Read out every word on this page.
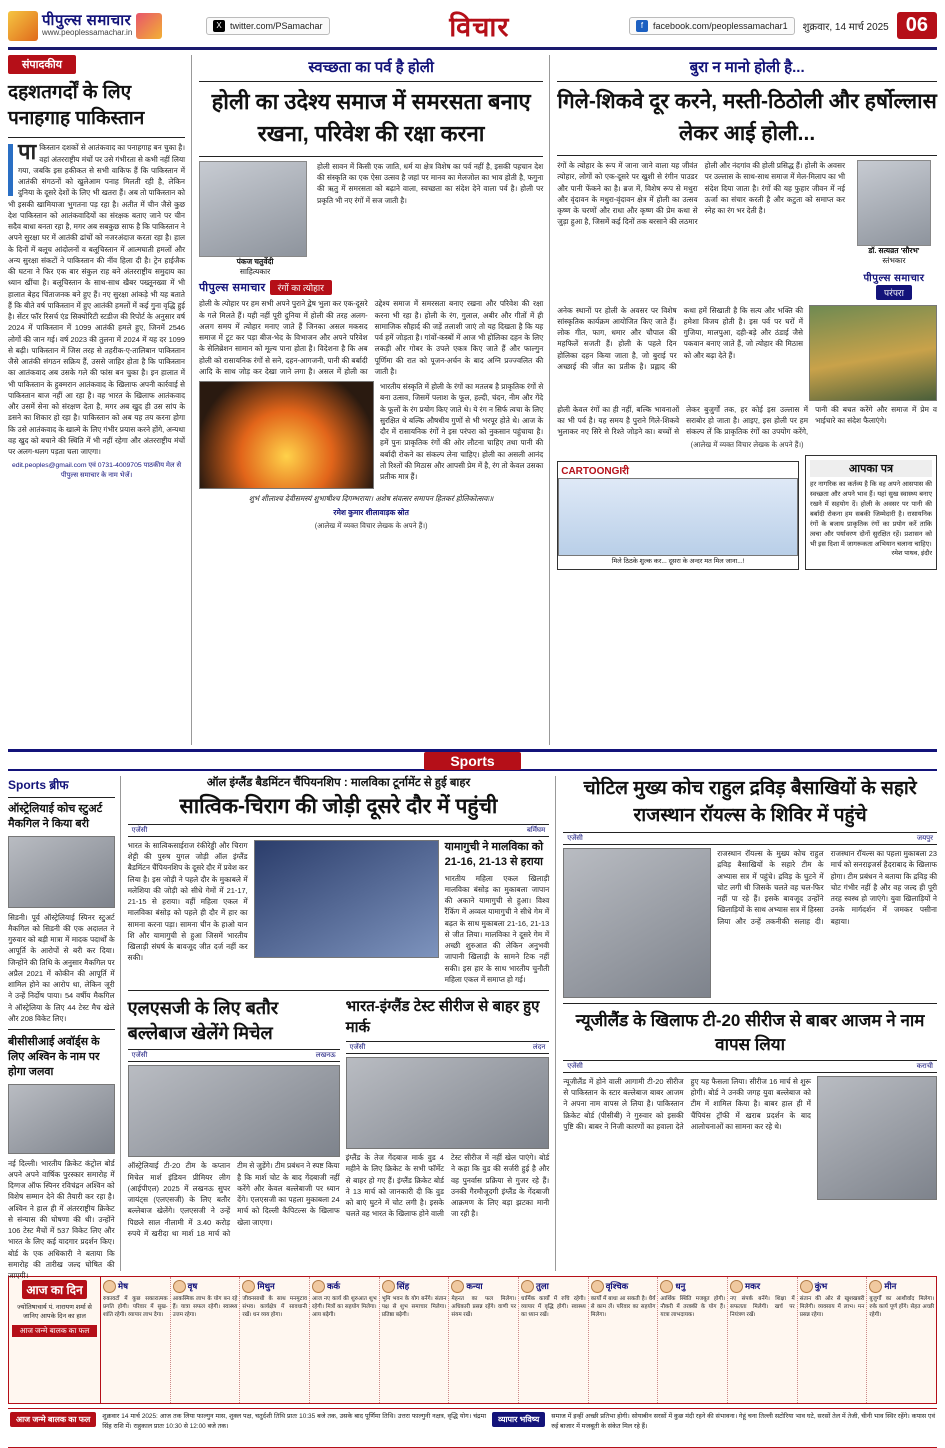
पीपुल्स समाचार
www.peoplessamachar.in
X twitter.com/PSamachar	विचार	f	facebook.com/peoplessamachar1 शुक्रवार, 14 मार्च 2025 06
संपादकीय
दहशतगर्दों के लिए पनाहगाह पाकिस्तान
पाकिस्तान दशकों से आतंकवाद का पनाहगाह बन चुका है। वहां अंतरराष्ट्रीय मंचों पर उसे गंभीरता से कभी नहीं लिया गया, जबकि इस हकीकत से सभी वाकिफ हैं कि पाकिस्तान में आतंकी संगठनों को खुलेआम पनाह मिलती रही है, लेकिन दुनिया के दूसरे देशों के लिए भी खतरा हैं। अब तो पाकिस्तान को भी इसकी खामियाजा भुगतना पड़ रहा है। अतीत में चीन जैसे कुछ देश पाकिस्तान को आतंकवादियों का संरक्षक बताए जाने पर चीन सदैव बाधा बनता रहा है, मगर अब सबकुछ साफ है कि पाकिस्तान ने अपने सुरक्षा घर में आतंकी ढांचों को नजरअंदाज करता रहा है। हाल के दिनों में बलूच आंदोलनों व बलूचिस्तान में आत्मघाती हमलों और अन्य सुरक्षा संकटों ने पाकिस्तान की नींव हिला दी है। ट्रेन हाईजैक की घटना ने फिर एक बार संकुल राह बने अंतरराष्ट्रीय समुदाय का ध्यान खींचा है। बलूचिस्तान के साथ-साथ खैबर पख्तूनख्वा में भी हालात बेहद चिंताजनक बने हुए हैं। नए सुरक्षा आंकड़े भी यह बताते हैं कि बीते वर्ष पाकिस्तान में हुए आतंकी हमलों में कई गुना वृद्धि हुई है। सेंटर फॉर रिसर्च एंड सिक्योरिटी स्टडीज की रिपोर्ट के अनुसार वर्ष 2024 में पाकिस्तान में 1099 आतंकी हमले हुए, जिनमें 2546 लोगों की जान गई। वर्ष 2023 की तुलना में 2024 में यह दर 1099 से बढ़ी। पाकिस्तान में जिस तरह से तहरीक-ए-तालिबान पाकिस्तान जैसे आतंकी संगठन सक्रिय हैं, उससे जाहिर होता है कि पाकिस्तान का आतंकवाद अब उसके गले की फांस बन चुका है। इन हालात में भी पाकिस्तान के हुक्मरान आतंकवाद के खिलाफ अपनी कार्रवाई से पाकिस्तान बाज नहीं आ रहा है। वह भारत के खिलाफ आतंकवाद और उसमें सेना को संरक्षण देता है, मगर अब खुद ही उस सांप के डसने का शिकार हो रहा है। पाकिस्तान को अब यह तय करना होगा कि उसे आतंकवाद के खात्मे के लिए गंभीर प्रयास करने होंगे, अन्यथा वह खुद को बचाने की स्थिति में भी नहीं रहेगा और अंतरराष्ट्रीय मंचों पर अलग-थलग पड़ता चला जाएगा।
edit.peoples@gmail.com एवं 0731-4009705 पाठकीय मेल से पीपुल्स समाचार के नाम भेजें।
स्वच्छता का पर्व है होली
होली का उदेश्य समाज में समरसता बनाए रखना, परिवेश की रक्षा करना
पंकज चतुर्वेदी
साहित्यकार
होली सावन में किसी एक जाति, धर्म या क्षेत्र विशेष का पर्व नहीं है, इसकी पहचान देश की संस्कृति का एक ऐसा उत्सव है जहां पर मानव का मेलजोल का भाव होती है, फगुना की ऋतु में समरसता को बढ़ाने वाला, स्वच्छता का संदेश देने वाला पर्व है। होली पर प्रकृति भी नए रंगों में सज जाती है।
पीपुल्स समाचार	रंगों का त्योहार
होली के त्योहार पर हम सभी अपने पुराने द्वेष भुला कर एक-दूसरे के गले मिलते हैं। यही नहीं पूरी दुनिया में होली की तरह अलग-अलग समय में त्योहार मनाए जाते हैं जिनका असल मकसद समाज में टूट कर पड़ा बीज-भेद के विभाजन और अपने परिवेश के सेलिब्रेशन सामान को मूल्य पाना होता है। विदेशना है कि अब होली को रासायनिक रंगों से सने, दहन-आगजनी, पानी की बर्बादी आदि के साथ जोड़ कर देखा जाने लगा है। असल में होली का उद्देश्य समाज में समरसता बनाए रखना और परिवेश की रक्षा करना भी रहा है। होली के रंग, गुलाल, अबीर और गीतों में ही सामाजिक सौहार्द की जड़ें तलाशी जाएं तो यह दिखता है कि यह पर्व हमें जोड़ता है। गांवों-कस्बों में आज भी होलिका दहन के लिए लकड़ी और गोबर के उपले एकत्र किए जाते हैं और फाल्गुन पूर्णिमा की रात को पूजन-अर्चन के बाद अग्नि प्रज्ज्वलित की जाती है।
भारतीय संस्कृति में होली के रंगों का मतलब है प्राकृतिक रंगों से बना उत्सव, जिसमें पलाश के फूल, हल्दी, चंदन, नीम और गेंदे के फूलों के रंग प्रयोग किए जाते थे। ये रंग न सिर्फ त्वचा के लिए सुरक्षित थे बल्कि औषधीय गुणों से भी भरपूर होते थे। आज के दौर में रासायनिक रंगों ने इस परंपरा को नुकसान पहुंचाया है। हमें पुनः प्राकृतिक रंगों की ओर लौटना चाहिए तथा पानी की बर्बादी रोकने का संकल्प लेना चाहिए। होली का असली आनंद तो रिश्तों की मिठास और आपसी प्रेम में है, रंग तो केवल उसका प्रतीक मात्र हैं।
शुभं शीलाश्च देवीसमस्यं शुभाषीश्च दिगम्भराया। अशेष संवत्सर समापन हितकरं होलिकोत्सवः॥
रमेश कुमार शीलावाड़क स्रोत
(आलेख में व्यक्त विचार लेखक के अपने हैं।)
बुरा न मानो होली है...
गिले-शिकवे दूर करने, मस्ती-ठिठोली और हर्षोल्लास लेकर आई होली...
रंगों के त्योहार के रूप में जाना जाने वाला यह जीवंत त्योहार, लोगों को एक-दूसरे पर खुशी से रंगीन पाउडर और पानी फेंकने का है। ब्रज में, विशेष रूप से मथुरा और वृंदावन के मधुरा-वृंदावन क्षेत्र में होली का उत्सव कृष्ण के चरणों और राधा और कृष्ण की प्रेम कथा से जुड़ा हुआ है, जिसमें कई दिनों तक बरसाने की लठमार होली और नंदगांव की होली प्रसिद्ध हैं। होली के अवसर पर उल्लास के साथ-साथ समाज में मेल-मिलाप का भी संदेश दिया जाता है। रंगों की यह फुहार जीवन में नई ऊर्जा का संचार करती है और कटुता को समाप्त कर स्नेह का रंग भर देती है।
डॉ. सत्यव्रत 'सौरभ'
स्तंभकार
पीपुल्स समाचार
परंपरा
अनेक स्थानों पर होली के अवसर पर विशेष सांस्कृतिक कार्यक्रम आयोजित किए जाते हैं। लोक गीत, फाग, धमार और चौपाल की महफिलें सजती हैं। होली के पहले दिन होलिका दहन किया जाता है, जो बुराई पर अच्छाई की जीत का प्रतीक है। प्रह्लाद की कथा हमें सिखाती है कि सत्य और भक्ति की हमेशा विजय होती है। इस पर्व पर घरों में गुजिया, मालपुआ, दही-बड़े और ठंडाई जैसे पकवान बनाए जाते हैं, जो त्योहार की मिठास को और बढ़ा देते हैं।
होली केवल रंगों का ही नहीं, बल्कि भावनाओं का भी पर्व है। यह समय है पुराने गिले-शिकवे भुलाकर नए सिरे से रिश्ते जोड़ने का। बच्चों से लेकर बुजुर्गों तक, हर कोई इस उल्लास में सराबोर हो जाता है। आइए, इस होली पर हम संकल्प लें कि प्राकृतिक रंगों का उपयोग करेंगे, पानी की बचत करेंगे और समाज में प्रेम व भाईचारे का संदेश फैलाएंगे।
(आलेख में व्यक्त विचार लेखक के अपने हैं।)
CARTOONGIरी
मिले ठिठके शुल्क कर... दूसरा के अन्दर मत मिल जाना...!
आपका पत्र
हर नागरिक का कर्तव्य है कि वह अपने आसपास की स्वच्छता और अपने भाव हैं। यहां सुख स्वास्थ्य बनाए रखने में सहयोग दें। होली के अवसर पर पानी की बर्बादी रोकना हम सबकी जिम्मेदारी है। रासायनिक रंगों के बजाय प्राकृतिक रंगों का प्रयोग करें ताकि त्वचा और पर्यावरण दोनों सुरक्षित रहें। प्रशासन को भी इस दिशा में जागरूकता अभियान चलाना चाहिए।
रमेश पाथव, इंदौर
Sports
Sports ब्रीफ
ऑस्ट्रेलियाई कोच स्टुअर्ट मैकगिल ने किया बरी
सिडनी। पूर्व ऑस्ट्रेलियाई स्पिनर स्टुअर्ट मैकगिल को सिडनी की एक अदालत ने गुरुवार को बड़ी मात्रा में मादक पदार्थों के आपूर्ति के आरोपों से बरी कर दिया। जिन्होंने की तिथि के अनुसार मैकगिल पर अप्रैल 2021 में कोकीन की आपूर्ति में शामिल होने का आरोप था, लेकिन जूरी ने उन्हें निर्दोष पाया। 54 वर्षीय मैकगिल ने ऑस्ट्रेलिया के लिए 44 टेस्ट मैच खेले और 208 विकेट लिए।
बीसीसीआई अवॉर्ड्स के लिए अश्विन के नाम पर होगा जलवा
नई दिल्ली। भारतीय क्रिकेट कंट्रोल बोर्ड अपने अपने वार्षिक पुरस्कार समारोह में दिग्गज ऑफ स्पिनर रविचंद्रन अश्विन को विशेष सम्मान देने की तैयारी कर रहा है। अश्विन ने हाल ही में अंतरराष्ट्रीय क्रिकेट से संन्यास की घोषणा की थी। उन्होंने 106 टेस्ट मैचों में 537 विकेट लिए और भारत के लिए कई यादगार प्रदर्शन किए। बोर्ड के एक अधिकारी ने बताया कि समारोह की तारीख जल्द घोषित की जाएगी।
ऑल इंग्लैंड बैडमिंटन चैंपियनशिप : मालविका टूर्नामेंट से हुई बाहर
सात्विक-चिराग की जोड़ी दूसरे दौर में पहुंची
एजेंसी	बर्मिंघम
भारत के सात्विकसाईराज रंकीरेड्डी और चिराग शेट्टी की पुरुष युगल जोड़ी ऑल इंग्लैंड बैडमिंटन चैंपियनशिप के दूसरे दौर में प्रवेश कर लिया है। इस जोड़ी ने पहले दौर के मुकाबले में मलेशिया की जोड़ी को सीधे गेमों में 21-17, 21-15 से हराया। वहीं महिला एकल में मालविका बंसोड़ को पहले ही दौर में हार का सामना करना पड़ा। सामना चीन के हाओ यान शि और यामागुची से हुआ जिसमें भारतीय खिलाड़ी संघर्ष के बावजूद जीत दर्ज नहीं कर सकी।
यामागुची ने मालविका को 21-16, 21-13 से हराया
भारतीय महिला एकल खिलाड़ी मालविका बंसोड़ का मुकाबला जापान की अकाने यामागुची से हुआ। विश्व रैंकिंग में अव्वल यामागुची ने सीधे गेम में बढ़त के साथ मुकाबला 21-16, 21-13 से जीत लिया। मालविका ने दूसरे गेम में अच्छी शुरुआत की लेकिन अनुभवी जापानी खिलाड़ी के सामने टिक नहीं सकी। इस हार के साथ भारतीय चुनौती महिला एकल में समाप्त हो गई।
एलएसजी के लिए बतौर बल्लेबाज खेलेंगे मिचेल
एजेंसी	लखनऊ
ऑस्ट्रेलियाई टी-20 टीम के कप्तान मिचेल मार्श इंडियन प्रीमियर लीग (आईपीएल) 2025 में लखनऊ सुपर जायंट्स (एलएसजी) के लिए बतौर बल्लेबाज खेलेंगे। एलएसजी ने उन्हें पिछले साल नीलामी में 3.40 करोड़ रुपये में खरीदा था मार्श 18 मार्च को टीम से जुड़ेंगे। टीम प्रबंधन ने स्पष्ट किया है कि मार्श चोट के बाद गेंदबाजी नहीं करेंगे और केवल बल्लेबाजी पर ध्यान देंगे। एलएसजी का पहला मुकाबला 24 मार्च को दिल्ली कैपिटल्स के खिलाफ खेला जाएगा।
भारत-इंग्लैंड टेस्ट सीरीज से बाहर हुए मार्क
एजेंसी	लंदन
इंग्लैंड के तेज गेंदबाज मार्क वुड 4 महीने के लिए क्रिकेट के सभी फॉर्मेट से बाहर हो गए हैं। इंग्लैंड क्रिकेट बोर्ड ने 13 मार्च को जानकारी दी कि वुड को बाएं घुटने में चोट लगी है। इसके चलते वह भारत के खिलाफ होने वाली टेस्ट सीरीज में नहीं खेल पाएंगे। बोर्ड ने कहा कि वुड की सर्जरी हुई है और वह पुनर्वास प्रक्रिया से गुजर रहे हैं। उनकी गैरमौजूदगी इंग्लैंड के गेंदबाजी आक्रमण के लिए बड़ा झटका मानी जा रही है।
चोटिल मुख्य कोच राहुल द्रविड़ बैसाखियों के सहारे राजस्थान रॉयल्स के शिविर में पहुंचे
एजेंसी	जयपुर
राजस्थान रॉयल्स के मुख्य कोच राहुल द्रविड़ बैसाखियों के सहारे टीम के अभ्यास सत्र में पहुंचे। द्रविड़ के घुटने में चोट लगी थी जिसके चलते वह चल-फिर नहीं पा रहे हैं। इसके बावजूद उन्होंने खिलाड़ियों के साथ अभ्यास सत्र में हिस्सा लिया और उन्हें तकनीकी सलाह दी। राजस्थान रॉयल्स का पहला मुकाबला 23 मार्च को सनराइजर्स हैदराबाद के खिलाफ होगा। टीम प्रबंधन ने बताया कि द्रविड़ की चोट गंभीर नहीं है और वह जल्द ही पूरी तरह स्वस्थ हो जाएंगे। युवा खिलाड़ियों ने उनके मार्गदर्शन में जमकर पसीना बहाया।
न्यूजीलैंड के खिलाफ टी-20 सीरीज से बाबर आजम ने नाम वापस लिया
एजेंसी	कराची
न्यूजीलैंड में होने वाली आगामी टी-20 सीरीज से पाकिस्तान के स्टार बल्लेबाज बाबर आजम ने अपना नाम वापस ले लिया है। पाकिस्तान क्रिकेट बोर्ड (पीसीबी) ने गुरुवार को इसकी पुष्टि की। बाबर ने निजी कारणों का हवाला देते हुए यह फैसला लिया। सीरीज 16 मार्च से शुरू होगी। बोर्ड ने उनकी जगह युवा बल्लेबाज को टीम में शामिल किया है। बाबर हाल ही में चैंपियंस ट्रॉफी में खराब प्रदर्शन के बाद आलोचनाओं का सामना कर रहे थे।
आज का दिन
ज्योतिषाचार्य पं. नारायण शर्मा से जानिए आपके दिन का हाल
आज जन्मे बालक का फल
मेष
रुकावटों में कुछ सकारात्मक प्रगति होगी। परिवार में सुख-शांति रहेगी। व्यापार लाभ देगा।
वृष
आकस्मिक लाभ के योग बन रहे हैं। यात्रा सफल रहेगी। स्वास्थ्य उत्तम रहेगा।
मिथुन
जीवनसाथी के साथ मनमुटाव संभव। कार्यक्षेत्र में सावधानी रखें। धन व्यय होगा।
कर्क
आज नए कार्य की शुरुआत शुभ रहेगी। मित्रों का सहयोग मिलेगा। आय बढ़ेगी।
सिंह
भूमि भवन के योग बनेंगे। संतान पक्ष से शुभ समाचार मिलेगा। प्रतिष्ठा बढ़ेगी।
कन्या
मेहनत का फल मिलेगा। अधिकारी प्रसन्न रहेंगे। वाणी पर संयम रखें।
तुला
धार्मिक कार्यों में रुचि रहेगी। व्यापार में वृद्धि होगी। स्वास्थ्य का ध्यान रखें।
वृश्चिक
कार्यों में बाधा आ सकती है। धैर्य से काम लें। परिवार का सहयोग मिलेगा।
धनु
आर्थिक स्थिति मजबूत होगी। नौकरी में तरक्की के योग हैं। यात्रा लाभदायक।
मकर
नए संपर्क बनेंगे। शिक्षा में सफलता मिलेगी। खर्च पर नियंत्रण रखें।
कुंभ
संतान की ओर से खुशखबरी मिलेगी। व्यवसाय में लाभ। मन प्रसन्न रहेगा।
मीन
बुजुर्गों का आशीर्वाद मिलेगा। रुके कार्य पूर्ण होंगे। सेहत अच्छी रहेगी।
आज जन्मे बालक का फल	शुक्रवार 14 मार्च 2025: आज तक लिया फाल्गुन मास, शुक्ल पक्ष, चतुर्दशी तिथि प्रातः 10:35 बजे तक, उसके बाद पूर्णिमा तिथि। उत्तरा फाल्गुनी नक्षत्र, वृद्धि योग। चंद्रमा सिंह राशि में। राहुकाल प्रातः 10:30 से 12:00 बजे तक।
व्यापार भविष्य	समाज में इन्हीं अच्छी प्रतिभा होगी। सोयाबीन सरसों में कुछ मंदी रहने की संभावना। गेहूं चना तिल्ली सटोरिया भाव घटे, सरसों तेल में तेजी, चीनी भाव स्थिर रहेंगे। कपास एवं रुई बाजार में मजबूती के संकेत मिल रहे हैं।
